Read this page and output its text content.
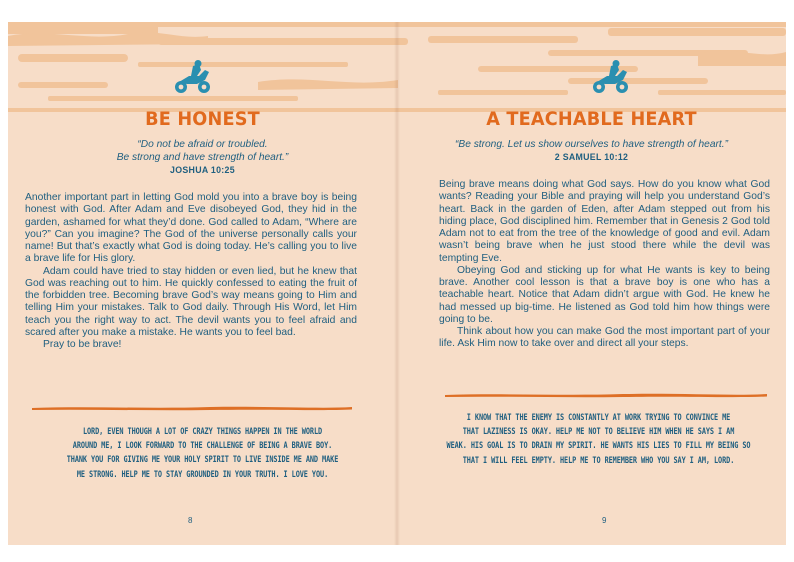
BE HONEST
“Do not be afraid or troubled.
Be strong and have strength of heart.”
JOSHUA 10:25

Another important part in letting God mold you into a brave boy is being honest with God. After Adam and Eve disobeyed God, they hid in the garden, ashamed for what they’d done. God called to Adam, “Where are you?” Can you imagine? The God of the universe personally calls your name! But that’s exactly what God is doing today. He’s calling you to live a brave life for His glory.

Adam could have tried to stay hidden or even lied, but he knew that God was reaching out to him. He quickly confessed to eating the fruit of the forbidden tree. Becoming brave God’s way means going to Him and telling Him your mistakes. Talk to God daily. Through His Word, let Him teach you the right way to act. The devil wants you to feel afraid and scared after you make a mistake. He wants you to feel bad.

Pray to be brave!

LORD, EVEN THOUGH A LOT OF CRAZY THINGS HAPPEN IN THE WORLD
AROUND ME, I LOOK FORWARD TO THE CHALLENGE OF BEING A BRAVE BOY.
THANK YOU FOR GIVING ME YOUR HOLY SPIRIT TO LIVE INSIDE ME AND MAKE
ME STRONG. HELP ME TO STAY GROUNDED IN YOUR TRUTH. I LOVE YOU.
8
A TEACHABLE HEART
“Be strong. Let us show ourselves to have strength of heart.”
2 SAMUEL 10:12

Being brave means doing what God says. How do you know what God wants? Reading your Bible and praying will help you understand God’s heart. Back in the garden of Eden, after Adam stepped out from his hiding place, God disciplined him. Remember that in Genesis 2 God told Adam not to eat from the tree of the knowledge of good and evil. Adam wasn’t being brave when he just stood there while the devil was tempting Eve.

Obeying God and sticking up for what He wants is key to being brave. Another cool lesson is that a brave boy is one who has a teachable heart. Notice that Adam didn’t argue with God. He knew he had messed up big-time. He listened as God told him how things were going to be.

Think about how you can make God the most important part of your life. Ask Him now to take over and direct all your steps.

I KNOW THAT THE ENEMY IS CONSTANTLY AT WORK TRYING TO CONVINCE ME
THAT LAZINESS IS OKAY. HELP ME NOT TO BELIEVE HIM WHEN HE SAYS I AM
WEAK. HIS GOAL IS TO DRAIN MY SPIRIT. HE WANTS HIS LIES TO FILL MY BEING SO
THAT I WILL FEEL EMPTY. HELP ME TO REMEMBER WHO YOU SAY I AM, LORD.
9
